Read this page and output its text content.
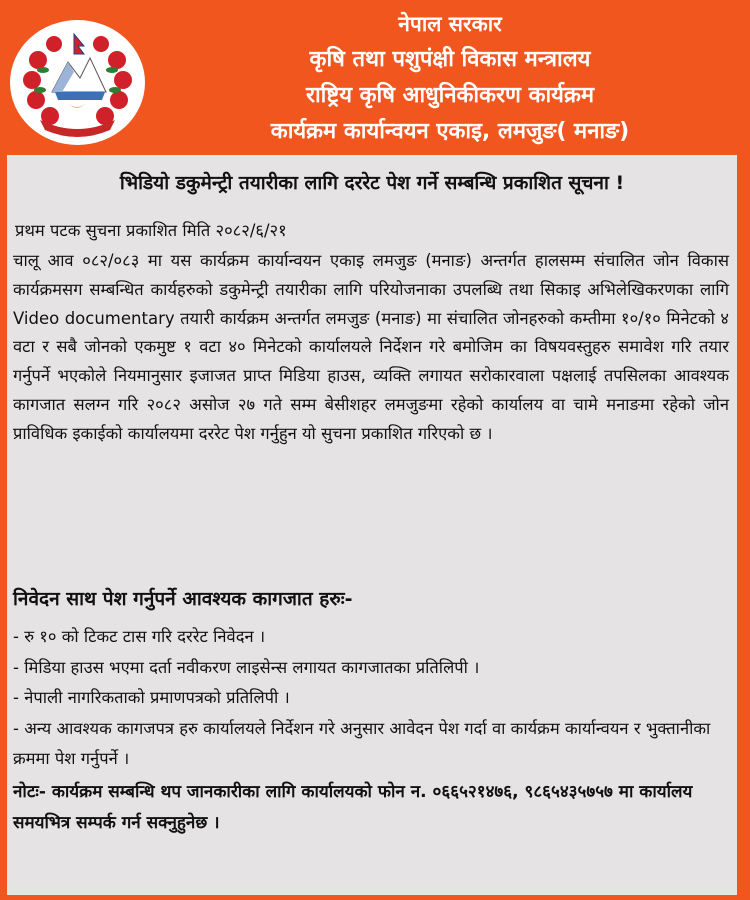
नेपाल सरकार
कृषि तथा पशुपंक्षी विकास मन्त्रालय
राष्ट्रिय कृषि आधुनिकीकरण कार्यक्रम
कार्यक्रम कार्यान्वयन एकाइ, लमजुङ( मनाङ)
भिडियो डकुमेन्ट्री तयारीका लागि दररेट पेश गर्ने सम्बन्धि प्रकाशित सूचना !
प्रथम पटक सुचना प्रकाशित मिति २०८२/६/२१
चालू आव ०८२/०८३ मा यस कार्यक्रम कार्यान्वयन एकाइ लमजुङ (मनाङ) अन्तर्गत हालसम्म संचालित जोन विकास कार्यक्रमसग सम्बन्धित कार्यहरुको डकुमेन्ट्री तयारीका लागि परियोजनाका उपलब्धि तथा सिकाइ अभिलेखिकरणका लागि Video documentary तयारी कार्यक्रम अन्तर्गत लमजुङ (मनाङ) मा संचालित जोनहरुको कम्तीमा १०/१० मिनेटको ४ वटा र सबै जोनको एकमुष्ट १ वटा ४० मिनेटको कार्यालयले निर्देशन गरे बमोजिम का विषयवस्तुहरु समावेश गरि तयार गर्नुपर्ने भएकोले नियमानुसार इजाजत प्राप्त मिडिया हाउस, व्यक्ति लगायत सरोकारवाला पक्षलाई तपसिलका आवश्यक कागजात सलग्न गरि २०८२ असोज २७ गते सम्म बेसीशहर लमजुङमा रहेको कार्यालय वा चामे मनाङमा रहेको जोन प्राविधिक इकाईको कार्यालयमा दररेट पेश गर्नुहुन यो सुचना प्रकाशित गरिएको छ ।
निवेदन साथ पेश गर्नुपर्ने आवश्यक कागजात हरुः-
- रु १० को टिकट टास गरि दररेट निवेदन ।
- मिडिया हाउस भएमा दर्ता नवीकरण लाइसेन्स लगायत कागजातका प्रतिलिपी ।
- नेपाली नागरिकताको प्रमाणपत्रको प्रतिलिपी ।
- अन्य आवश्यक कागजपत्र हरु कार्यालयले निर्देशन गरे अनुसार आवेदन पेश गर्दा वा कार्यक्रम कार्यान्वयन र भुक्तानीका क्रममा पेश गर्नुपर्ने ।
नोटः- कार्यक्रम सम्बन्धि थप जानकारीका लागि कार्यालयको फोन न. ०६६५२१४७६, ९८६५४३५७५७ मा कार्यालय समयभित्र सम्पर्क गर्न सक्नुहुनेछ ।
